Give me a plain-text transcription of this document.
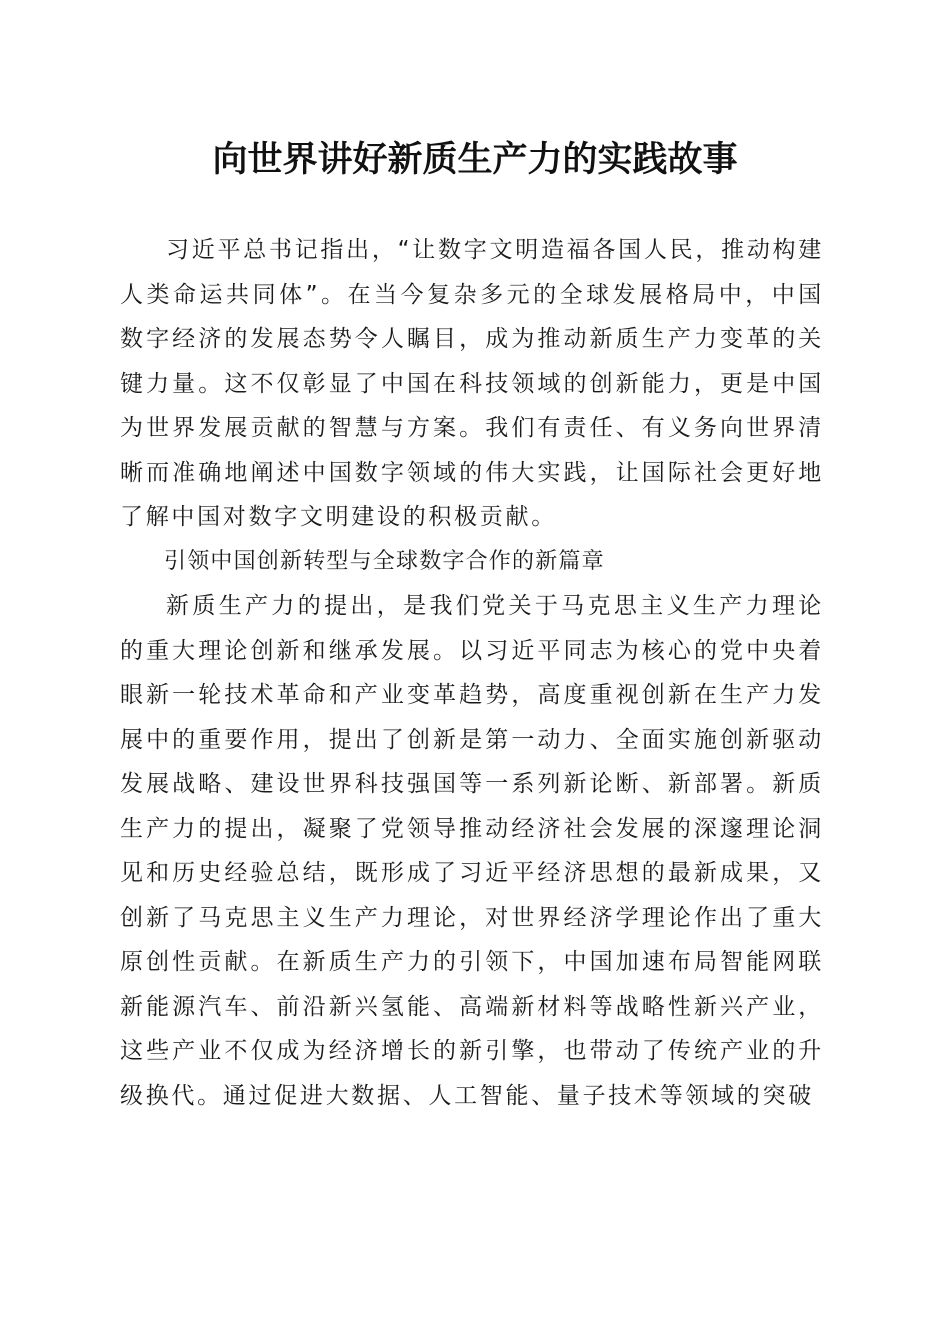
向世界讲好新质生产力的实践故事

习近平总书记指出，“让数字文明造福各国人民，推动构建人类命运共同体”。在当今复杂多元的全球发展格局中，中国数字经济的发展态势令人瞩目，成为推动新质生产力变革的关键力量。这不仅彰显了中国在科技领域的创新能力，更是中国为世界发展贡献的智慧与方案。我们有责任、有义务向世界清晰而准确地阐述中国数字领域的伟大实践，让国际社会更好地了解中国对数字文明建设的积极贡献。

引领中国创新转型与全球数字合作的新篇章

新质生产力的提出，是我们党关于马克思主义生产力理论的重大理论创新和继承发展。以习近平同志为核心的党中央着眼新一轮技术革命和产业变革趋势，高度重视创新在生产力发展中的重要作用，提出了创新是第一动力、全面实施创新驱动发展战略、建设世界科技强国等一系列新论断、新部署。新质生产力的提出，凝聚了党领导推动经济社会发展的深邃理论洞见和历史经验总结，既形成了习近平经济思想的最新成果，又创新了马克思主义生产力理论，对世界经济学理论作出了重大原创性贡献。在新质生产力的引领下，中国加速布局智能网联新能源汽车、前沿新兴氢能、高端新材料等战略性新兴产业，这些产业不仅成为经济增长的新引擎，也带动了传统产业的升级换代。通过促进大数据、人工智能、量子技术等领域的突破
